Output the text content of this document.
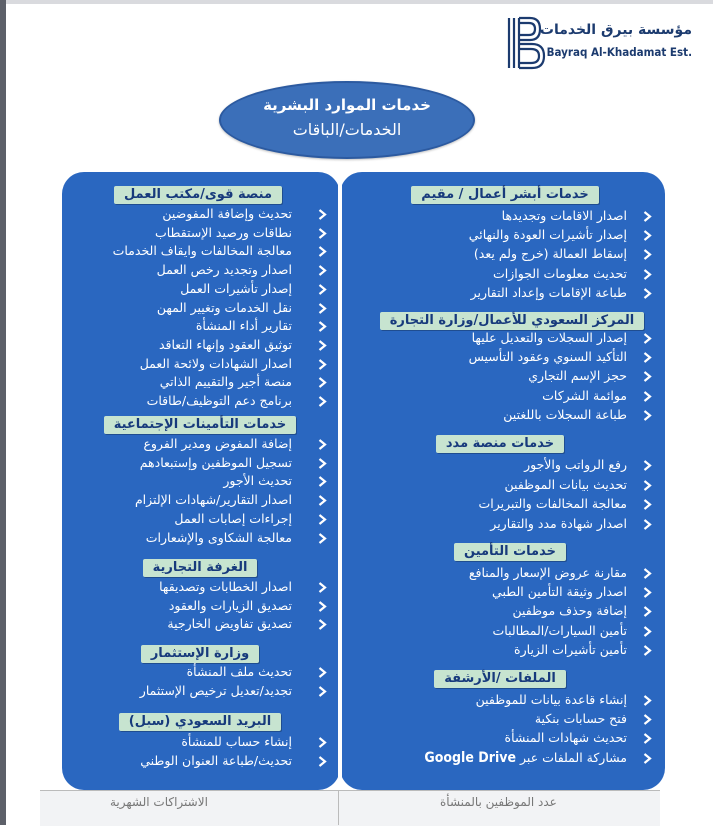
مؤسسة بيرق الخدمات
Bayraq Al-Khadamat Est.
خدمات الموارد البشرية
الخدمات/الباقات
خدمات أبشر أعمال / مقيم
اصدار الاقامات وتجديدها
إصدار تأشيرات العودة والنهائي
إسقاط العمالة (خرج ولم يعد)
تحديث معلومات الجوازات
طباعة الإقامات وإعداد التقارير
المركز السعودي للأعمال/وزارة التجارة
إصدار السجلات والتعديل عليها
التأكيد السنوي وعقود التأسيس
حجز الإسم التجاري
موائمة الشركات
طباعة السجلات باللغتين
خدمات منصة مدد
رفع الرواتب والأجور
تحديث بيانات الموظفين
معالجة المخالفات والتبريرات
اصدار شهادة مدد والتقارير
خدمات التأمين
مقارنة عروض الإسعار والمنافع
اصدار وثيقة التأمين الطبي
إضافة وحذف موظفين
تأمين السيارات/المطالبات
تأمين تأشيرات الزيارة
الملفات /الأرشفة
إنشاء قاعدة بيانات للموظفين
فتح حسابات بنكية
تحديث شهادات المنشأة
مشاركة الملفات عبرGoogle Drive
منصة قوى/مكتب العمل
تحديث وإضافة المفوضين
نطاقات ورصيد الإستقطاب
معالجة المخالفات وايقاف الخدمات
اصدار وتجديد رخص العمل
إصدار تأشيرات العمل
نقل الخدمات وتغيير المهن
تقارير أداء المنشأة
توثيق العقود وإنهاء التعاقد
اصدار الشهادات ولائحة العمل
منصة أجير والتقييم الذاتي
برنامج دعم التوظيف/طاقات
خدمات التأمينات الإجتماعية
إضافة المفوض ومدير الفروع
تسجيل الموظفين وإستبعادهم
تحديث الأجور
اصدار التقارير/شهادات الإلتزام
إجراءات إصابات العمل
معالجة الشكاوى والإشعارات
الغرفة التجارية
اصدار الخطابات وتصديقها
تصديق الزيارات والعقود
تصديق تفاويض الخارجية
وزارة الإستثمار
تحديث ملف المنشأة
تجديد/تعديل ترخيص الإستثمار
البريد السعودي (سبل)
إنشاء حساب للمنشأة
تحديث/طباعة العنوان الوطني
الاشتراكات الشهرية	عدد الموظفين بالمنشأة
